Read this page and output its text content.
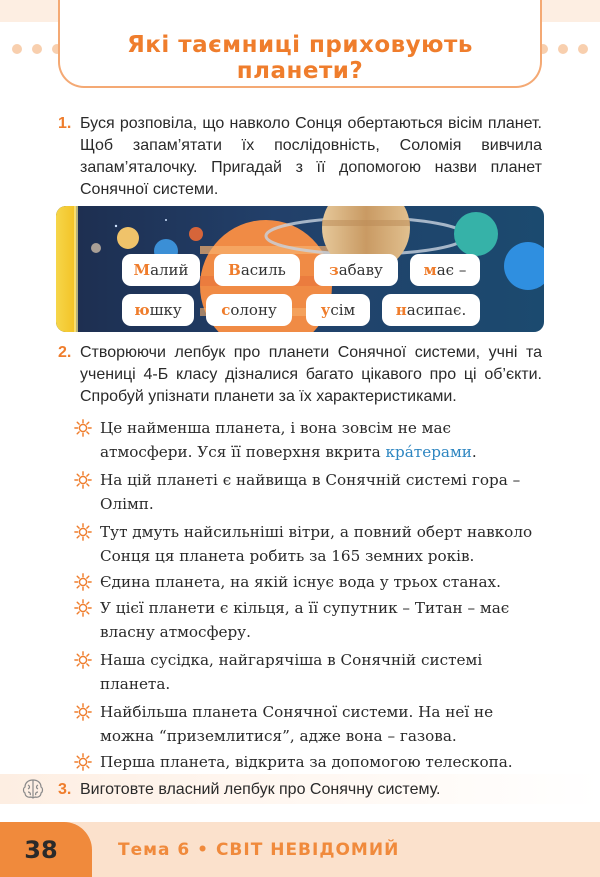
Які таємниці приховують планети?
1. Буся розповіла, що навколо Сонця обертаються вісім планет. Щоб запам’ятати їх послідовність, Соломія вивчила запам’яталочку. Пригадай з її допомогою назви планет Сонячної системи.
Малий	Василь	забаву	має –
юшку	солону	усім	насипає.
2. Створюючи лепбук про планети Сонячної системи, учні та учениці 4-Б класу дізналися багато цікавого про ці об’єкти. Спробуй упізнати планети за їх характеристиками.
Це найменша планета, і вона зовсім не має атмосфери. Уся її поверхня вкрита кра́терами.
На цій планеті є найвища в Сонячній системі гора – Олімп.
Тут дмуть найсильніші вітри, а повний оберт навколо Сонця ця планета робить за 165 земних років.
Єдина планета, на якій існує вода у трьох станах.
У цієї планети є кільця, а її супутник – Титан – має власну атмосферу.
Наша сусідка, найгарячіша в Сонячній системі планета.
Найбільша планета Сонячної системи. На неї не можна “приземлитися”, адже вона – газова.
Перша планета, відкрита за допомогою телескопа.
3. Виготовте власний лепбук про Сонячну систему.
38	Тема 6 • СВІТ НЕВІДОМИЙ
